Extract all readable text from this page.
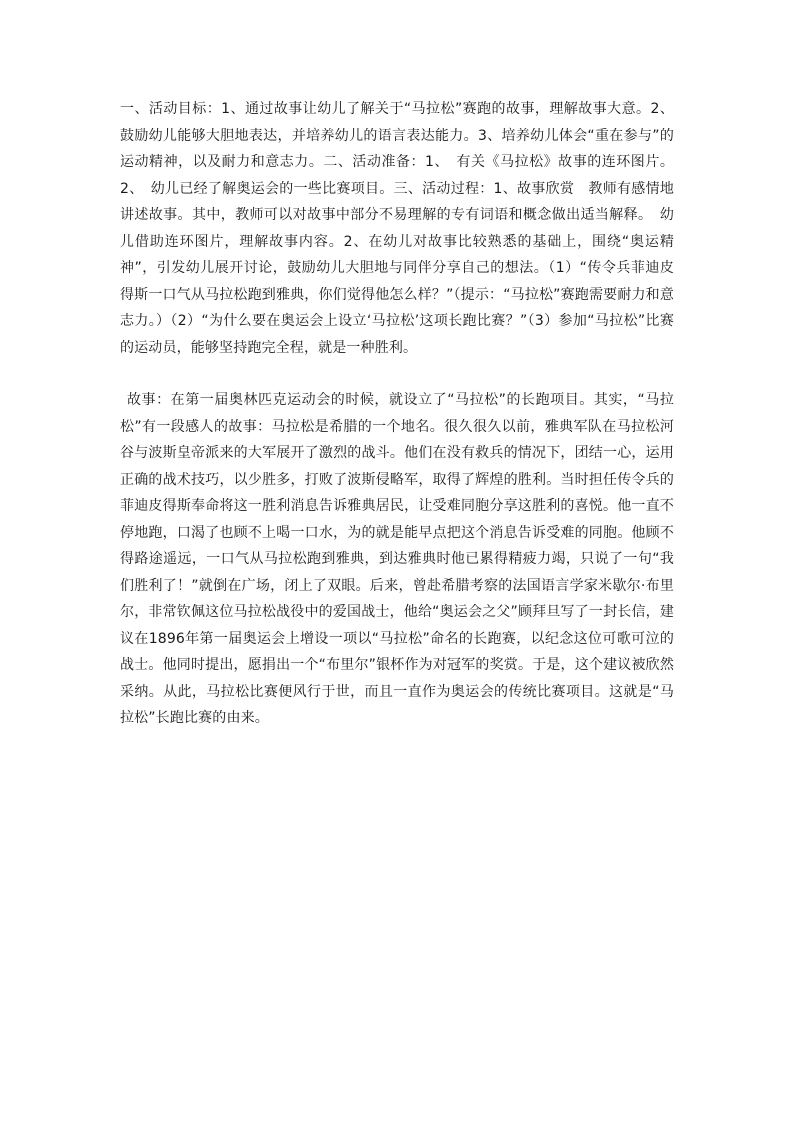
一、活动目标：1、通过故事让幼儿了解关于“马拉松”赛跑的故事，理解故事大意。2、鼓励幼儿能够大胆地表达，并培养幼儿的语言表达能力。3、培养幼儿体会“重在参与”的运动精神，以及耐力和意志力。二、活动准备：1、　有关《马拉松》故事的连环图片。2、　幼儿已经了解奥运会的一些比赛项目。三、活动过程：1、故事欣赏　教师有感情地讲述故事。其中，教师可以对故事中部分不易理解的专有词语和概念做出适当解释。　幼儿借助连环图片，理解故事内容。2、在幼儿对故事比较熟悉的基础上，围绕“奥运精神”，引发幼儿展开讨论，鼓励幼儿大胆地与同伴分享自己的想法。（1）“传令兵菲迪皮得斯一口气从马拉松跑到雅典，你们觉得他怎么样？”（提示：“马拉松”赛跑需要耐力和意志力。）（2）“为什么要在奥运会上设立‘马拉松’这项长跑比赛？”（3）参加“马拉松”比赛的运动员，能够坚持跑完全程，就是一种胜利。

故事：在第一届奥林匹克运动会的时候，就设立了“马拉松”的长跑项目。其实，“马拉松”有一段感人的故事：马拉松是希腊的一个地名。很久很久以前，雅典军队在马拉松河谷与波斯皇帝派来的大军展开了激烈的战斗。他们在没有救兵的情况下，团结一心，运用正确的战术技巧，以少胜多，打败了波斯侵略军，取得了辉煌的胜利。当时担任传令兵的菲迪皮得斯奉命将这一胜利消息告诉雅典居民，让受难同胞分享这胜利的喜悦。他一直不停地跑，口渴了也顾不上喝一口水，为的就是能早点把这个消息告诉受难的同胞。他顾不得路途遥远，一口气从马拉松跑到雅典，到达雅典时他已累得精疲力竭，只说了一句“我们胜利了！”就倒在广场，闭上了双眼。后来，曾赴希腊考察的法国语言学家米歇尔·布里尔，非常钦佩这位马拉松战役中的爱国战士，他给“奥运会之父”顾拜旦写了一封长信，建议在1896年第一届奥运会上增设一项以“马拉松”命名的长跑赛，以纪念这位可歌可泣的战士。他同时提出，愿捐出一个“布里尔”银杯作为对冠军的奖赏。于是，这个建议被欣然采纳。从此，马拉松比赛便风行于世，而且一直作为奥运会的传统比赛项目。这就是“马拉松”长跑比赛的由来。
